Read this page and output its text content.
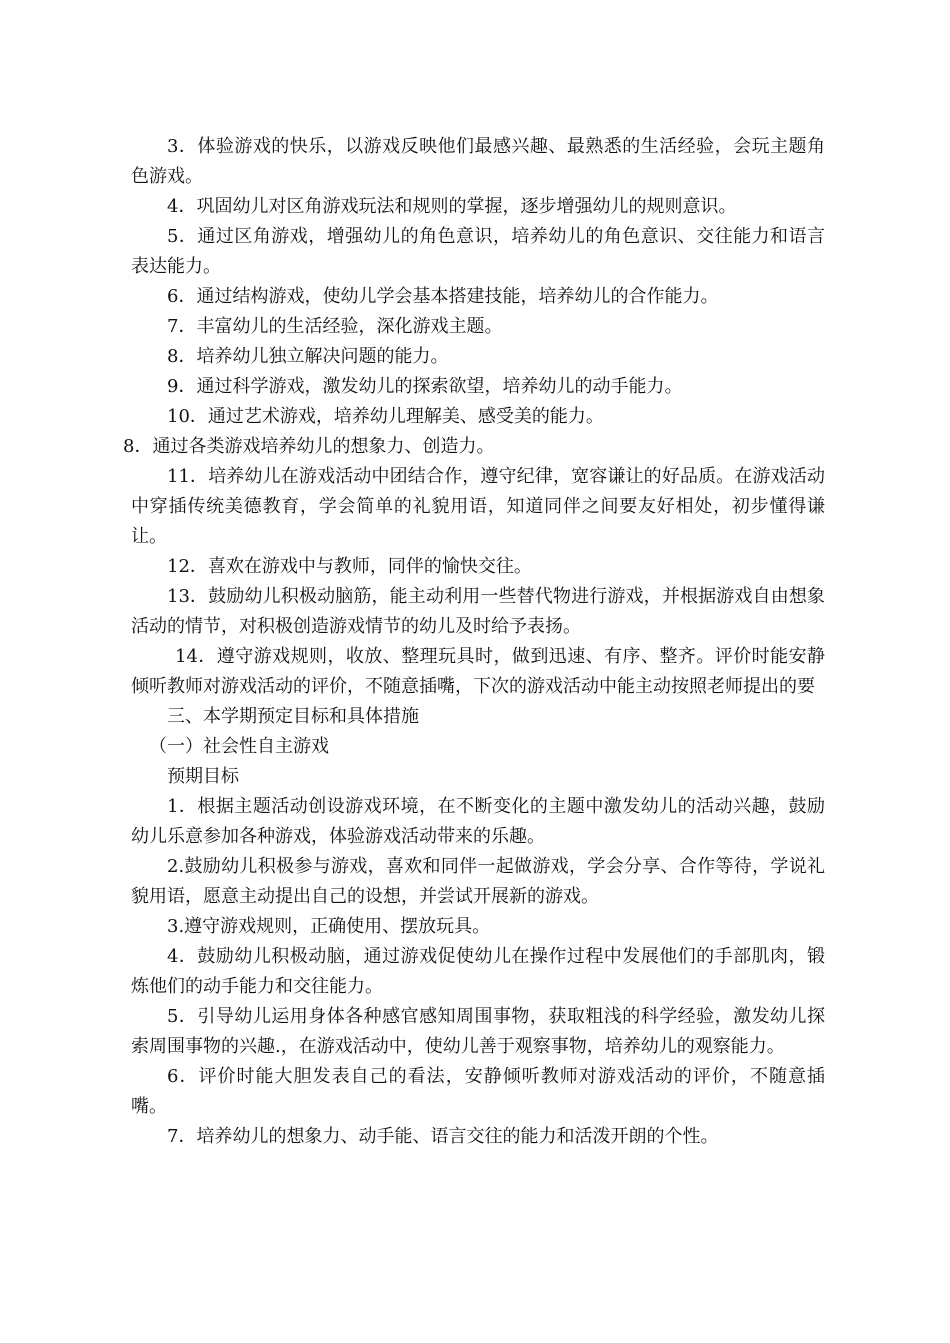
3．体验游戏的快乐，以游戏反映他们最感兴趣、最熟悉的生活经验，会玩主题角色游戏。

4．巩固幼儿对区角游戏玩法和规则的掌握，逐步增强幼儿的规则意识。

5．通过区角游戏，增强幼儿的角色意识，培养幼儿的角色意识、交往能力和语言表达能力。

6．通过结构游戏，使幼儿学会基本搭建技能，培养幼儿的合作能力。

7．丰富幼儿的生活经验，深化游戏主题。

8．培养幼儿独立解决问题的能力。

9．通过科学游戏，激发幼儿的探索欲望，培养幼儿的动手能力。

10．通过艺术游戏，培养幼儿理解美、感受美的能力。

8．通过各类游戏培养幼儿的想象力、创造力。

11．培养幼儿在游戏活动中团结合作，遵守纪律，宽容谦让的好品质。在游戏活动中穿插传统美德教育，学会简单的礼貌用语，知道同伴之间要友好相处，初步懂得谦让。

12．喜欢在游戏中与教师，同伴的愉快交往。

13．鼓励幼儿积极动脑筋，能主动利用一些替代物进行游戏，并根据游戏自由想象活动的情节，对积极创造游戏情节的幼儿及时给予表扬。

14．遵守游戏规则，收放、整理玩具时，做到迅速、有序、整齐。评价时能安静倾听教师对游戏活动的评价，不随意插嘴，下次的游戏活动中能主动按照老师提出的要

三、本学期预定目标和具体措施

（一）社会性自主游戏

预期目标

1．根据主题活动创设游戏环境，在不断变化的主题中激发幼儿的活动兴趣，鼓励幼儿乐意参加各种游戏，体验游戏活动带来的乐趣。

2.鼓励幼儿积极参与游戏，喜欢和同伴一起做游戏，学会分享、合作等待，学说礼貌用语，愿意主动提出自己的设想，并尝试开展新的游戏。

3.遵守游戏规则，正确使用、摆放玩具。

4．鼓励幼儿积极动脑，通过游戏促使幼儿在操作过程中发展他们的手部肌肉，锻炼他们的动手能力和交往能力。

5．引导幼儿运用身体各种感官感知周围事物，获取粗浅的科学经验，激发幼儿探索周围事物的兴趣.，在游戏活动中，使幼儿善于观察事物，培养幼儿的观察能力。

6．评价时能大胆发表自己的看法，安静倾听教师对游戏活动的评价，不随意插嘴。

7．培养幼儿的想象力、动手能、语言交往的能力和活泼开朗的个性。
